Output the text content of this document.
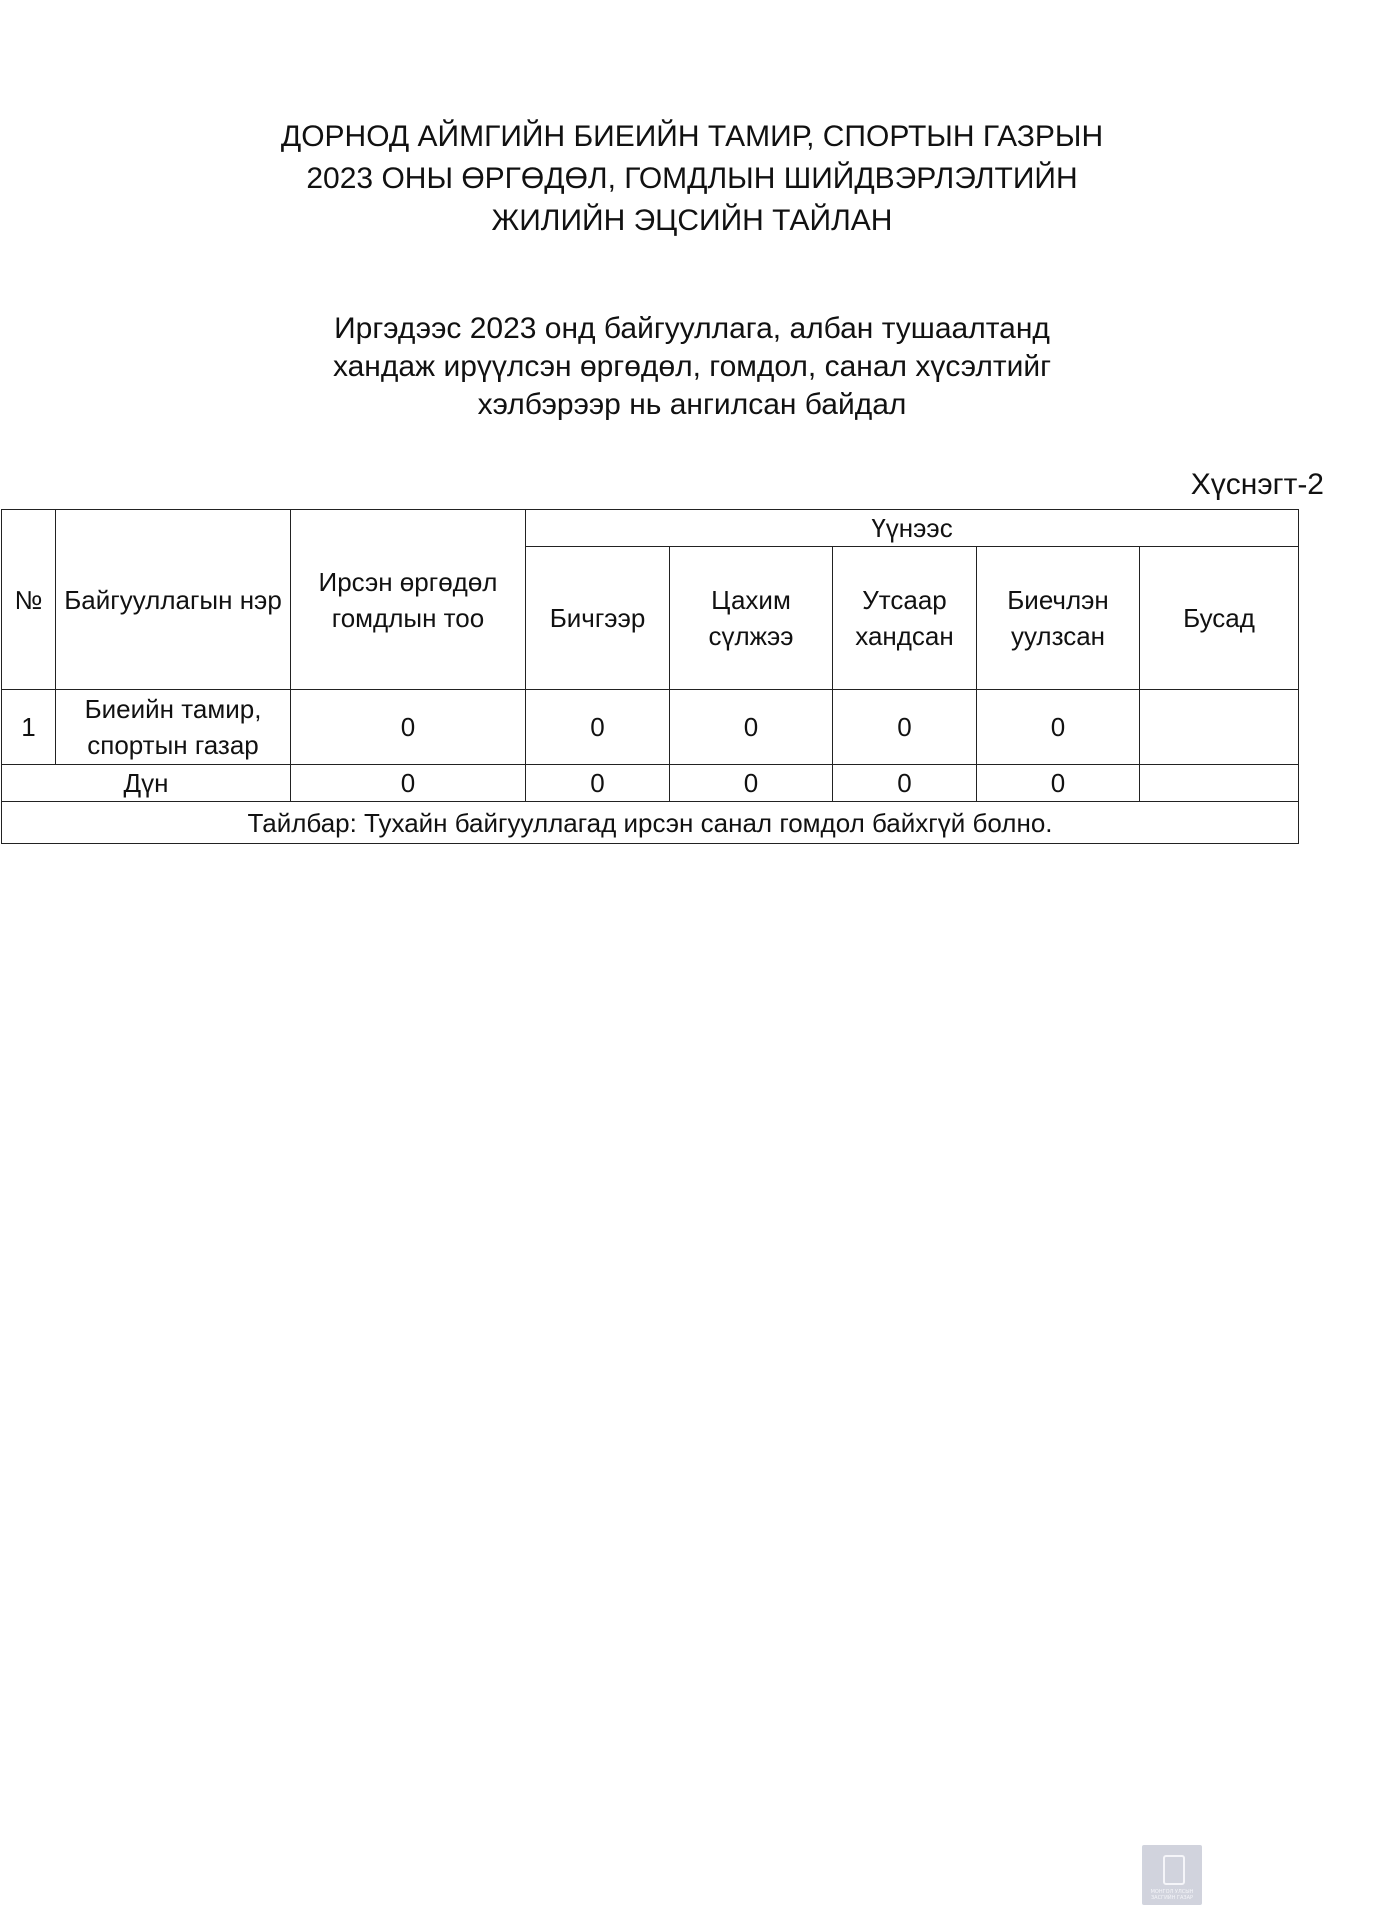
ДОРНОД АЙМГИЙН БИЕИЙН ТАМИР, СПОРТЫН ГАЗРЫН
2023 ОНЫ ӨРГӨДӨЛ, ГОМДЛЫН ШИЙДВЭРЛЭЛТИЙН
ЖИЛИЙН ЭЦСИЙН ТАЙЛАН
Иргэдээс 2023 онд байгууллага, албан тушаалтанд
хандаж ирүүлсэн өргөдөл, гомдол, санал хүсэлтийг
хэлбэрээр нь ангилсан байдал
Хүснэгт-2
№	Байгууллагын нэр	Ирсэн өргөдөл гомдлын тоо	Үүнээс				
			Бичгээр	Цахим сүлжээ	Утсаар хандсан	Биечлэн уулзсан	Бусад
1	Биеийн тамир, спортын газар	0	0	0	0	0	
Дүн		0	0	0	0	0	
Тайлбар: Тухайн байгууллагад ирсэн санал гомдол байхгүй болно.							
МОНГОЛ УЛСЫН ЗАСГИЙН ГАЗАР
